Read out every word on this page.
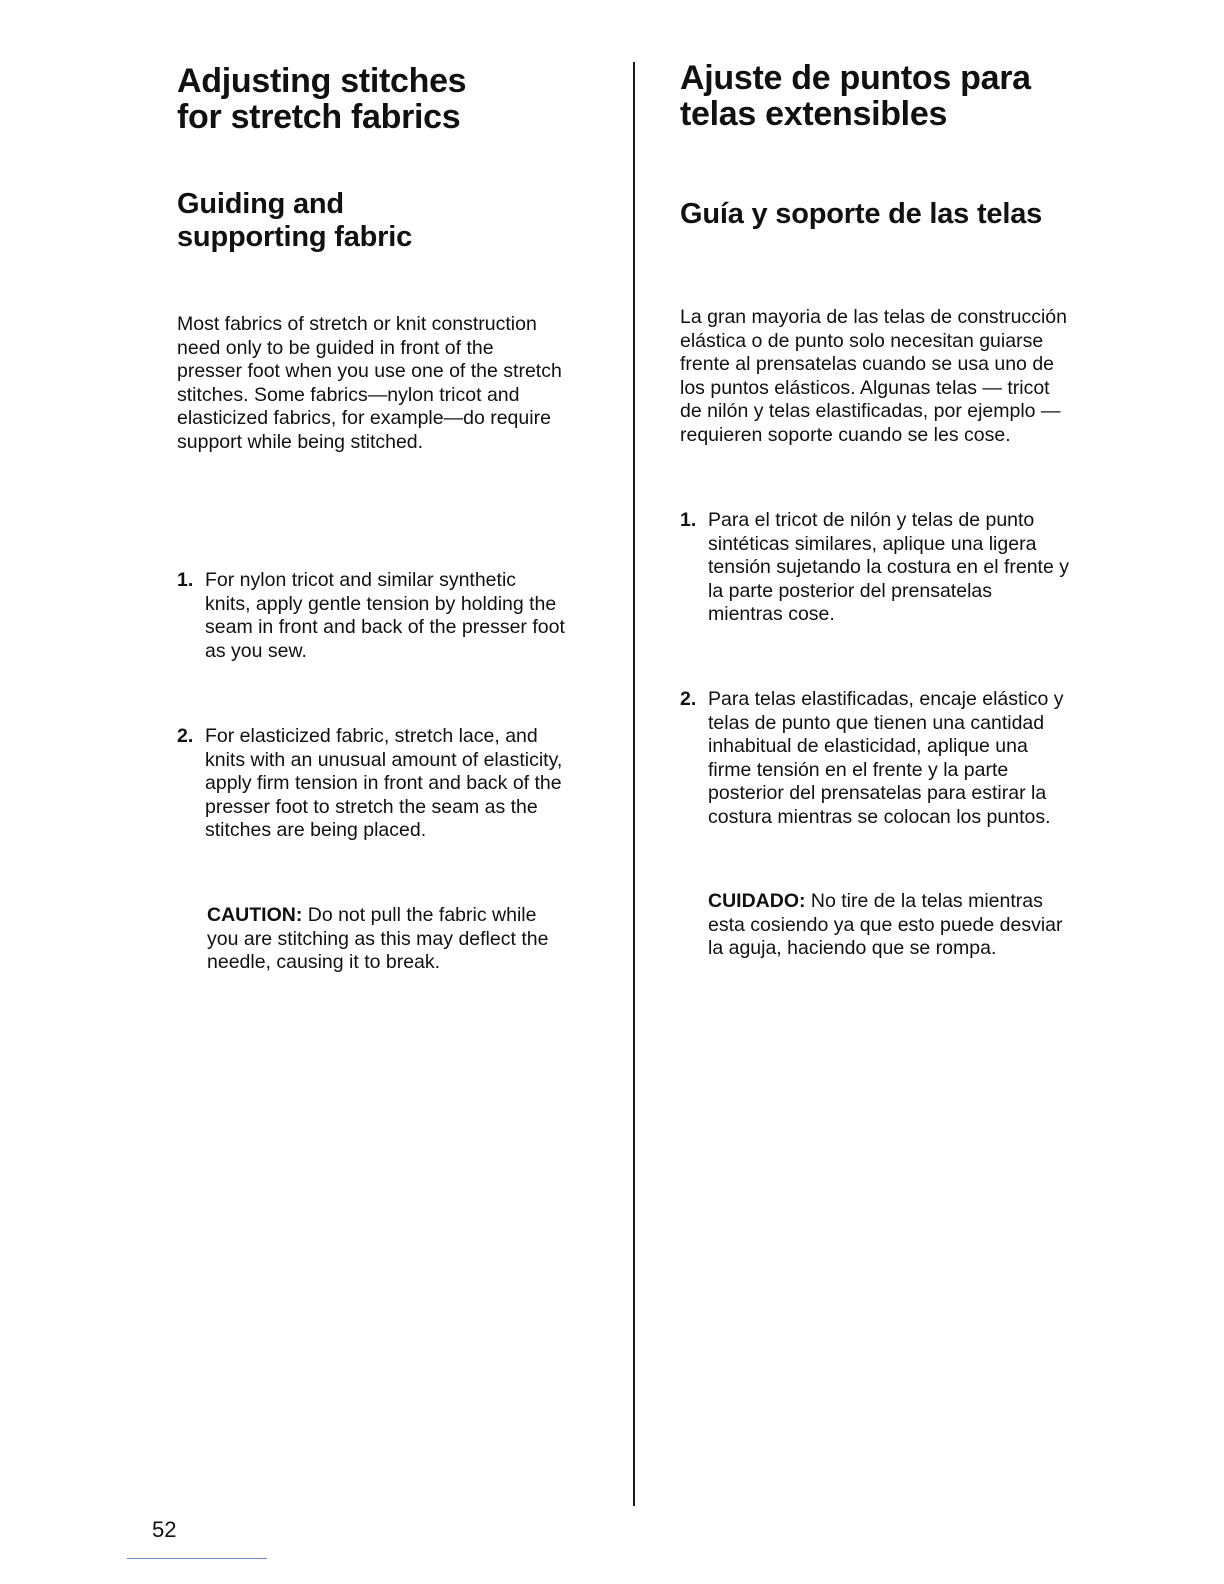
Adjusting stitches
for stretch fabrics
Guiding and
supporting fabric

Most fabrics of stretch or knit construction
need only to be guided in front of the
presser foot when you use one of the stretch
stitches. Some fabrics—nylon tricot and
elasticized fabrics, for example—do require
support while being stitched.

1. For nylon tricot and similar synthetic
knits, apply gentle tension by holding the
seam in front and back of the presser foot
as you sew.
2. For elasticized fabric, stretch lace, and
knits with an unusual amount of elasticity,
apply firm tension in front and back of the
presser foot to stretch the seam as the
stitches are being placed.
CAUTION: Do not pull the fabric while
you are stitching as this may deflect the
needle, causing it to break.
Ajuste de puntos para
telas extensibles
Guía y soporte de las telas

La gran mayoria de las telas de construcción
elástica o de punto solo necesitan guiarse
frente al prensatelas cuando se usa uno de
los puntos elásticos. Algunas telas — tricot
de nilón y telas elastificadas, por ejemplo —
requieren soporte cuando se les cose.

1. Para el tricot de nilón y telas de punto
sintéticas similares, aplique una ligera
tensión sujetando la costura en el frente y
la parte posterior del prensatelas
mientras cose.
2. Para telas elastificadas, encaje elástico y
telas de punto que tienen una cantidad
inhabitual de elasticidad, aplique una
firme tensión en el frente y la parte
posterior del prensatelas para estirar la
costura mientras se colocan los puntos.
CUIDADO: No tire de la telas mientras
esta cosiendo ya que esto puede desviar
la aguja, haciendo que se rompa.
52
